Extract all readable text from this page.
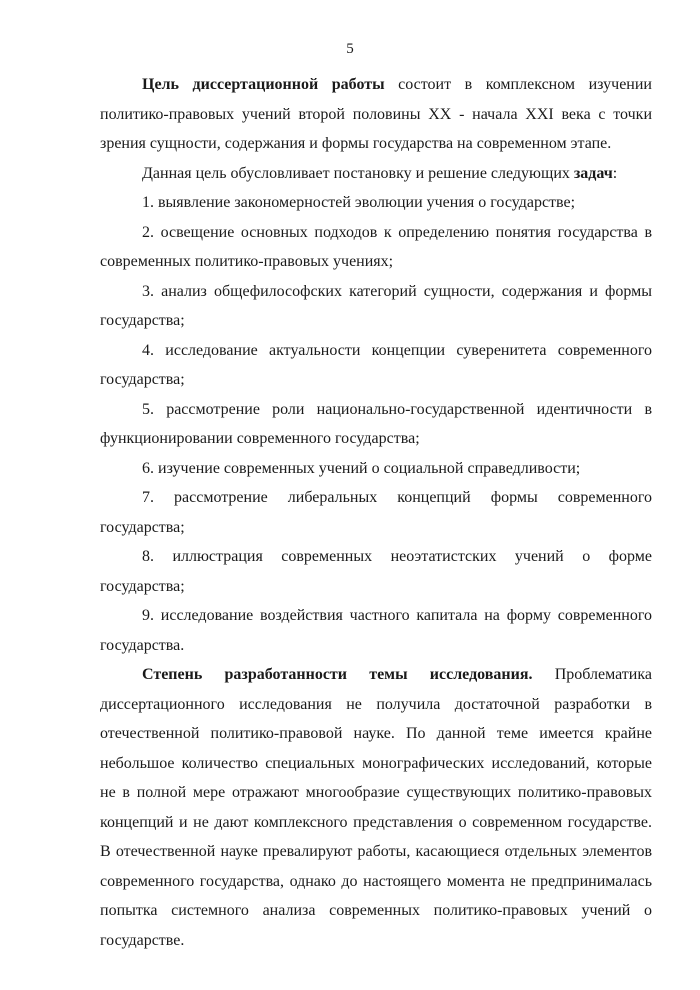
5

Цель диссертационной работы состоит в комплексном изучении политико-правовых учений второй половины XX - начала XXI века с точки зрения сущности, содержания и формы государства на современном этапе.

Данная цель обусловливает постановку и решение следующих задач:

1. выявление закономерностей эволюции учения о государстве;

2. освещение основных подходов к определению понятия государства в современных политико-правовых учениях;

3. анализ общефилософских категорий сущности, содержания и формы государства;

4. исследование актуальности концепции суверенитета современного государства;

5. рассмотрение роли национально-государственной идентичности в функционировании современного государства;

6. изучение современных учений о социальной справедливости;

7. рассмотрение либеральных концепций формы современного государства;

8. иллюстрация современных неоэтатистских учений о форме государства;

9. исследование воздействия частного капитала на форму современного государства.

Степень разработанности темы исследования. Проблематика диссертационного исследования не получила достаточной разработки в отечественной политико-правовой науке. По данной теме имеется крайне небольшое количество специальных монографических исследований, которые не в полной мере отражают многообразие существующих политико-правовых концепций и не дают комплексного представления о современном государстве. В отечественной науке превалируют работы, касающиеся отдельных элементов современного государства, однако до настоящего момента не предпринималась попытка системного анализа современных политико-правовых учений о государстве.
